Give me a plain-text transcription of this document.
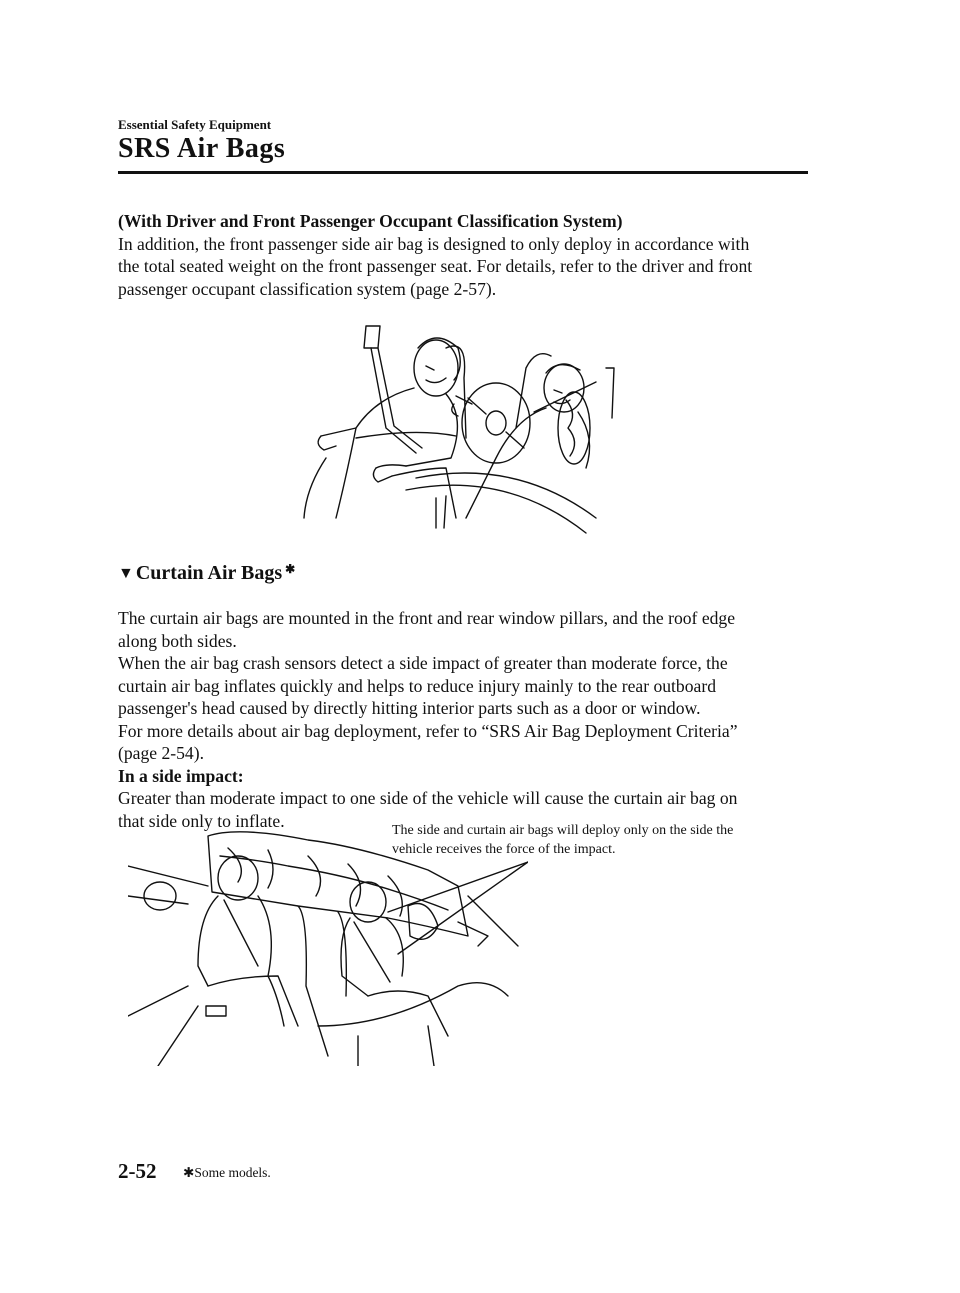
Essential Safety Equipment
SRS Air Bags
(With Driver and Front Passenger Occupant Classification System)
In addition, the front passenger side air bag is designed to only deploy in accordance with
the total seated weight on the front passenger seat. For details, refer to the driver and front
passenger occupant classification system (page 2-57).
▼ Curtain Air Bags ✱
The curtain air bags are mounted in the front and rear window pillars, and the roof edge
along both sides.
When the air bag crash sensors detect a side impact of greater than moderate force, the
curtain air bag inflates quickly and helps to reduce injury mainly to the rear outboard
passenger's head caused by directly hitting interior parts such as a door or window.
For more details about air bag deployment, refer to “SRS Air Bag Deployment Criteria”
(page 2-54).
In a side impact:
Greater than moderate impact to one side of the vehicle will cause the curtain air bag on
that side only to inflate.	The side and curtain air bags will deploy only on the side the
vehicle receives the force of the impact.
2-52 ✱Some models.
